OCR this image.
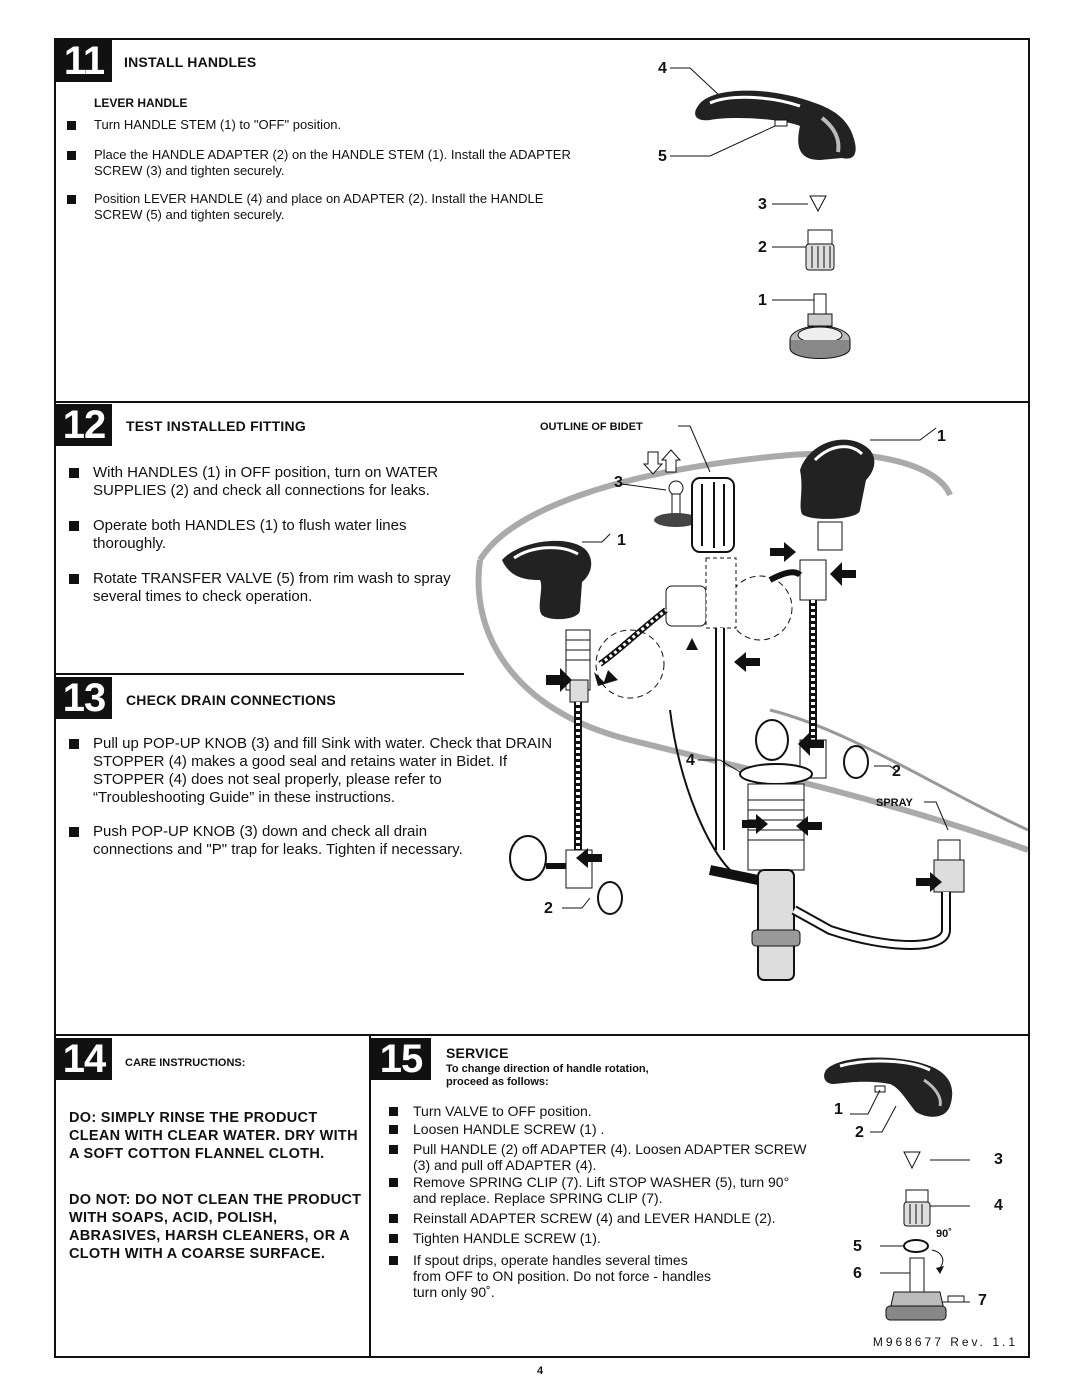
11	INSTALL HANDLES
LEVER HANDLE
Turn HANDLE STEM (1) to "OFF" position.
Place the HANDLE ADAPTER (2) on the HANDLE STEM (1). Install the ADAPTER SCREW (3) and tighten securely.
Position LEVER HANDLE (4) and place on ADAPTER (2). Install the HANDLE SCREW (5) and tighten securely.
4
5
3
2
1
12	TEST INSTALLED FITTING
With HANDLES (1) in OFF position, turn on WATER SUPPLIES (2) and check all connections for leaks.
Operate both HANDLES (1) to flush water lines thoroughly.
Rotate TRANSFER VALVE (5) from rim wash to spray several times to check operation.
13	CHECK DRAIN CONNECTIONS
Pull up POP-UP KNOB (3) and fill Sink with water. Check that DRAIN STOPPER (4) makes a good seal and retains water in Bidet. If STOPPER (4) does not seal properly, please refer to “Troubleshooting Guide” in these instructions.
Push POP-UP KNOB (3) down and check all drain connections and "P" trap for leaks. Tighten if necessary.
OUTLINE OF BIDET
SPRAY
1
3
1
4
2
2
14	CARE INSTRUCTIONS:
DO: SIMPLY RINSE THE PRODUCT CLEAN WITH CLEAR WATER. DRY WITH A SOFT COTTON FLANNEL CLOTH.
DO NOT: DO NOT CLEAN THE PRODUCT WITH SOAPS, ACID, POLISH, ABRASIVES, HARSH CLEANERS, OR A CLOTH WITH A COARSE SURFACE.
15	SERVICE
To change direction of handle rotation, proceed as follows:
Turn VALVE to OFF position.
Loosen HANDLE SCREW (1) .
Pull HANDLE (2) off ADAPTER (4). Loosen ADAPTER SCREW (3) and pull off ADAPTER (4).
Remove SPRING CLIP (7). Lift STOP WASHER (5), turn 90° and replace. Replace SPRING CLIP (7).
Reinstall ADAPTER SCREW (4) and LEVER HANDLE (2).
Tighten HANDLE SCREW (1).
If spout drips, operate handles several times from OFF to ON position. Do not force - handles turn only 90˚.
1
2
3
4
5
6
7
90˚
M968677 Rev. 1.1
4
